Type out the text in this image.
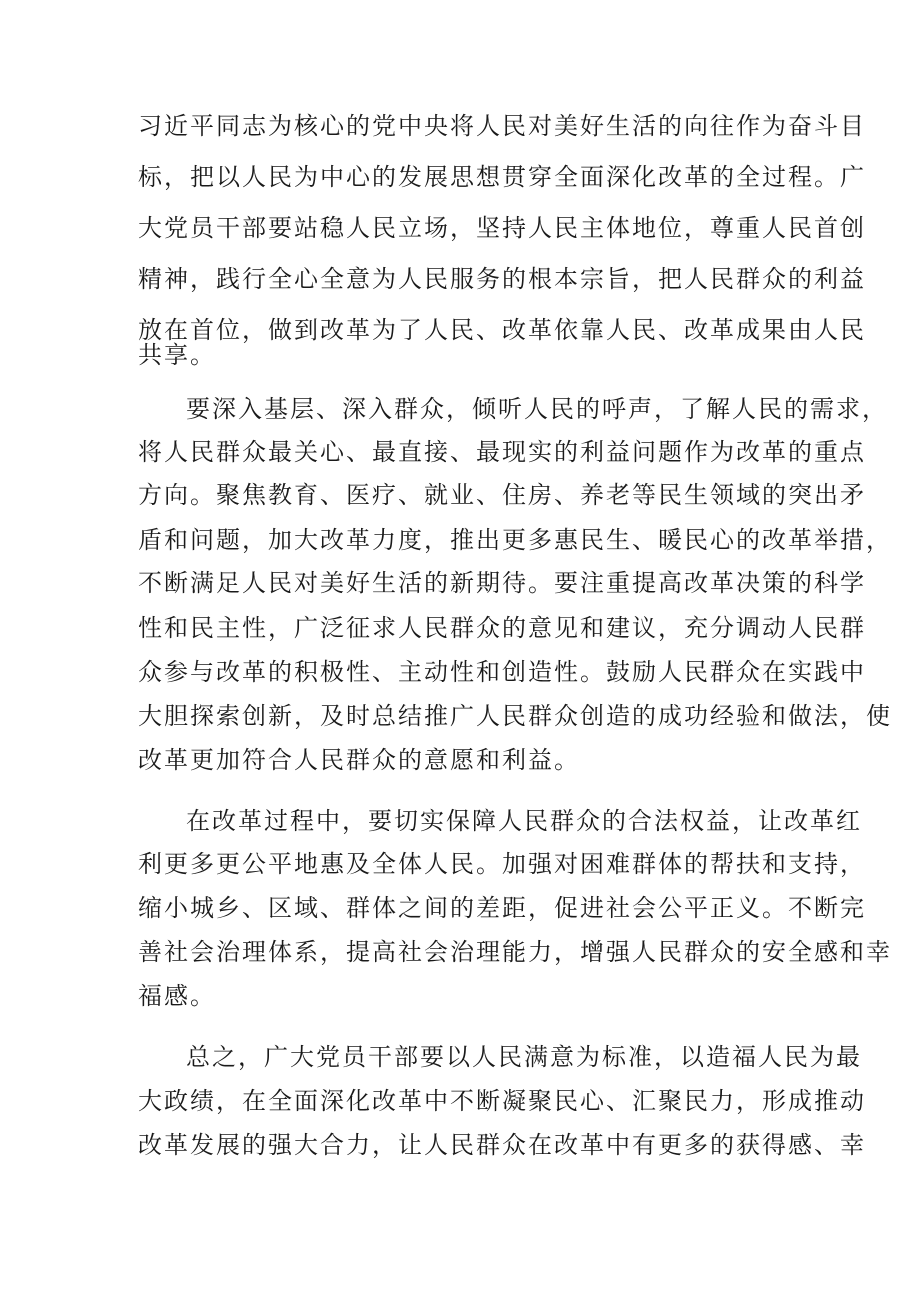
习近平同志为核心的党中央将人民对美好生活的向往作为奋斗目
标，把以人民为中心的发展思想贯穿全面深化改革的全过程。广
大党员干部要站稳人民立场，坚持人民主体地位，尊重人民首创
精神，践行全心全意为人民服务的根本宗旨，把人民群众的利益
放在首位，做到改革为了人民、改革依靠人民、改革成果由人民
共享。
要深入基层、深入群众，倾听人民的呼声，了解人民的需求，
将人民群众最关心、最直接、最现实的利益问题作为改革的重点
方向。聚焦教育、医疗、就业、住房、养老等民生领域的突出矛
盾和问题，加大改革力度，推出更多惠民生、暖民心的改革举措，
不断满足人民对美好生活的新期待。要注重提高改革决策的科学
性和民主性，广泛征求人民群众的意见和建议，充分调动人民群
众参与改革的积极性、主动性和创造性。鼓励人民群众在实践中
大胆探索创新，及时总结推广人民群众创造的成功经验和做法，使
改革更加符合人民群众的意愿和利益。
在改革过程中，要切实保障人民群众的合法权益，让改革红
利更多更公平地惠及全体人民。加强对困难群体的帮扶和支持，
缩小城乡、区域、群体之间的差距，促进社会公平正义。不断完
善社会治理体系，提高社会治理能力，增强人民群众的安全感和幸
福感。
总之，广大党员干部要以人民满意为标准，以造福人民为最
大政绩，在全面深化改革中不断凝聚民心、汇聚民力，形成推动
改革发展的强大合力，让人民群众在改革中有更多的获得感、幸
